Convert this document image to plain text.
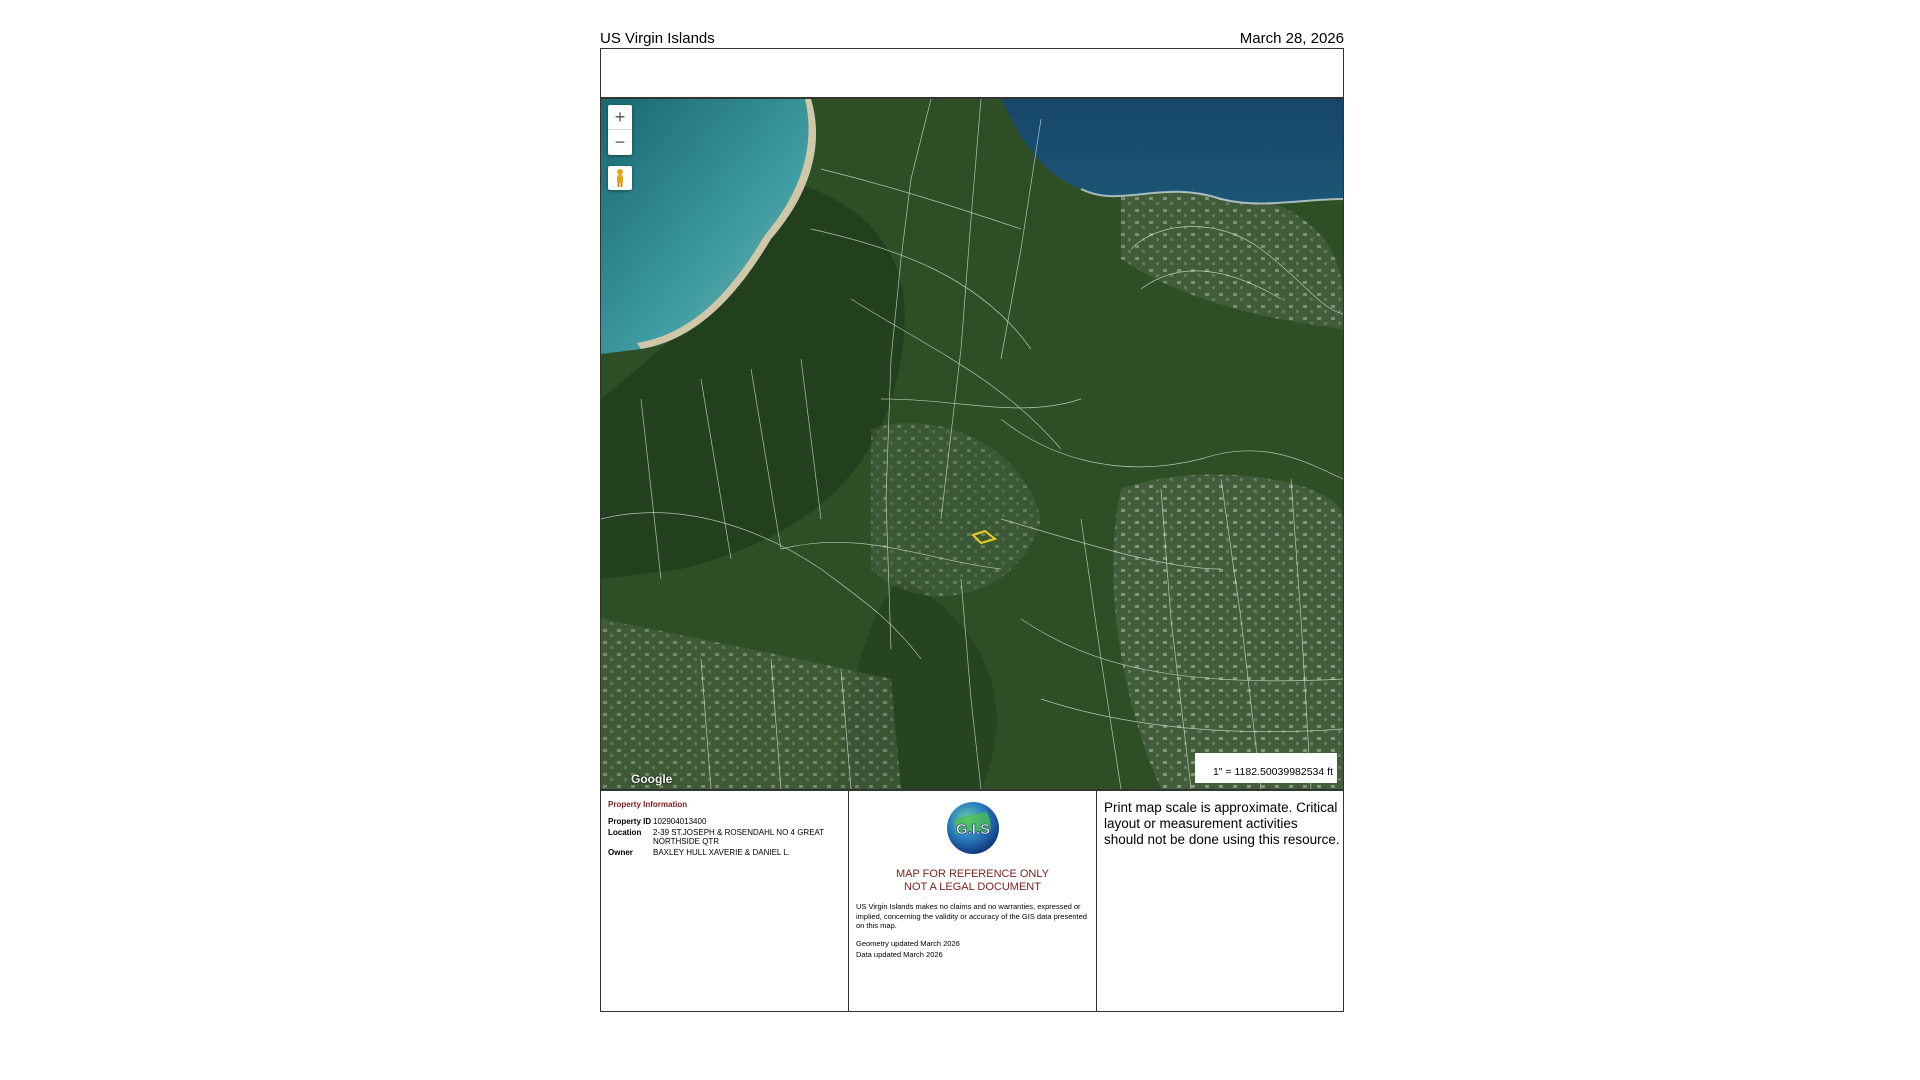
US Virgin Islands	March 28, 2026
+
−
Google	1" = 1182.50039982534 ft
Property Information
Property ID	102904013400
Location	2-39 ST.JOSEPH & ROSENDAHL NO 4 GREAT NORTHSIDE QTR
Owner	BAXLEY HULL XAVERIE & DANIEL L.
G.I.S
MAP FOR REFERENCE ONLY
NOT A LEGAL DOCUMENT
US Virgin Islands makes no claims and no warranties, expressed or implied, concerning the validity or accuracy of the GIS data presented on this map.
Geometry updated March 2026
Data updated March 2026
Print map scale is approximate. Critical layout or measurement activities should not be done using this resource.
